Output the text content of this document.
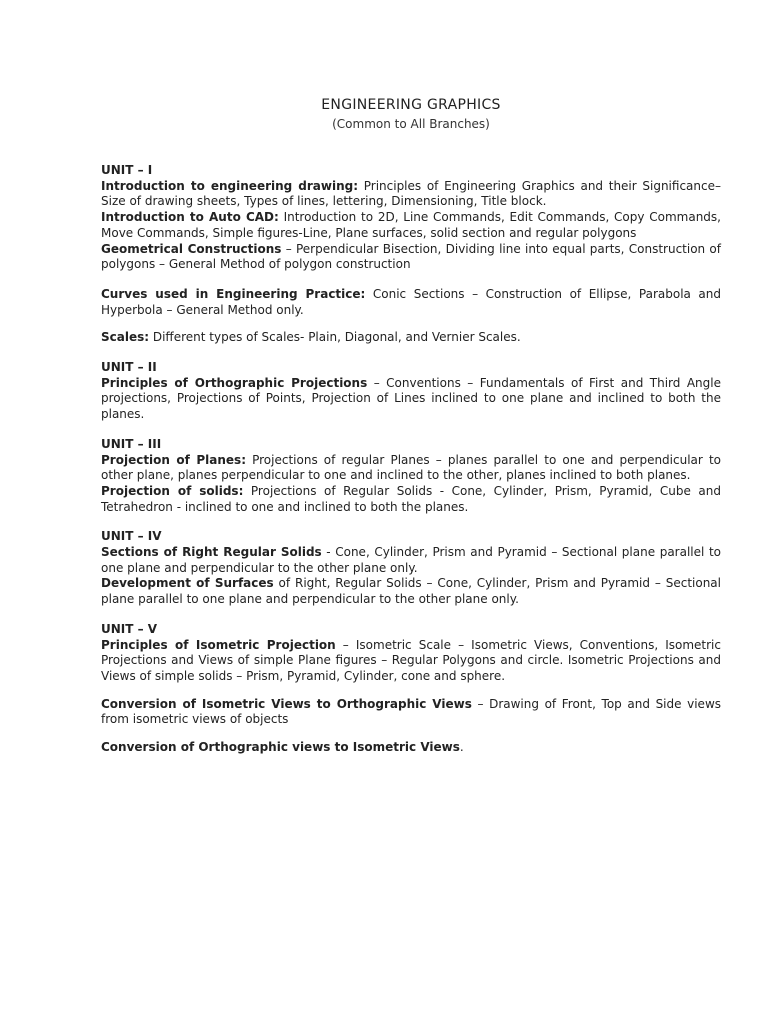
ENGINEERING GRAPHICS
(Common to All Branches)

UNIT – I

Introduction to engineering drawing: Principles of Engineering Graphics and their Significance– Size of drawing sheets, Types of lines, lettering, Dimensioning, Title block.

Introduction to Auto CAD: Introduction to 2D, Line Commands, Edit Commands, Copy Commands, Move Commands, Simple figures-Line, Plane surfaces, solid section and regular polygons

Geometrical Constructions – Perpendicular Bisection, Dividing line into equal parts, Construction of polygons – General Method of polygon construction

Curves used in Engineering Practice: Conic Sections – Construction of Ellipse, Parabola and Hyperbola – General Method only.

Scales: Different types of Scales- Plain, Diagonal, and Vernier Scales.

UNIT – II

Principles of Orthographic Projections – Conventions – Fundamentals of First and Third Angle projections, Projections of Points, Projection of Lines inclined to one plane and inclined to both the planes.

UNIT – III

Projection of Planes: Projections of regular Planes – planes parallel to one and perpendicular to other plane, planes perpendicular to one and inclined to the other, planes inclined to both planes.

Projection of solids: Projections of Regular Solids - Cone, Cylinder, Prism, Pyramid, Cube and Tetrahedron - inclined to one and inclined to both the planes.

UNIT – IV

Sections of Right Regular Solids - Cone, Cylinder, Prism and Pyramid – Sectional plane parallel to one plane and perpendicular to the other plane only.

Development of Surfaces of Right, Regular Solids – Cone, Cylinder, Prism and Pyramid – Sectional plane parallel to one plane and perpendicular to the other plane only.

UNIT – V

Principles of Isometric Projection – Isometric Scale – Isometric Views, Conventions, Isometric Projections and Views of simple Plane figures – Regular Polygons and circle. Isometric Projections and Views of simple solids – Prism, Pyramid, Cylinder, cone and sphere.

Conversion of Isometric Views to Orthographic Views – Drawing of Front, Top and Side views from isometric views of objects

Conversion of Orthographic views to Isometric Views.
